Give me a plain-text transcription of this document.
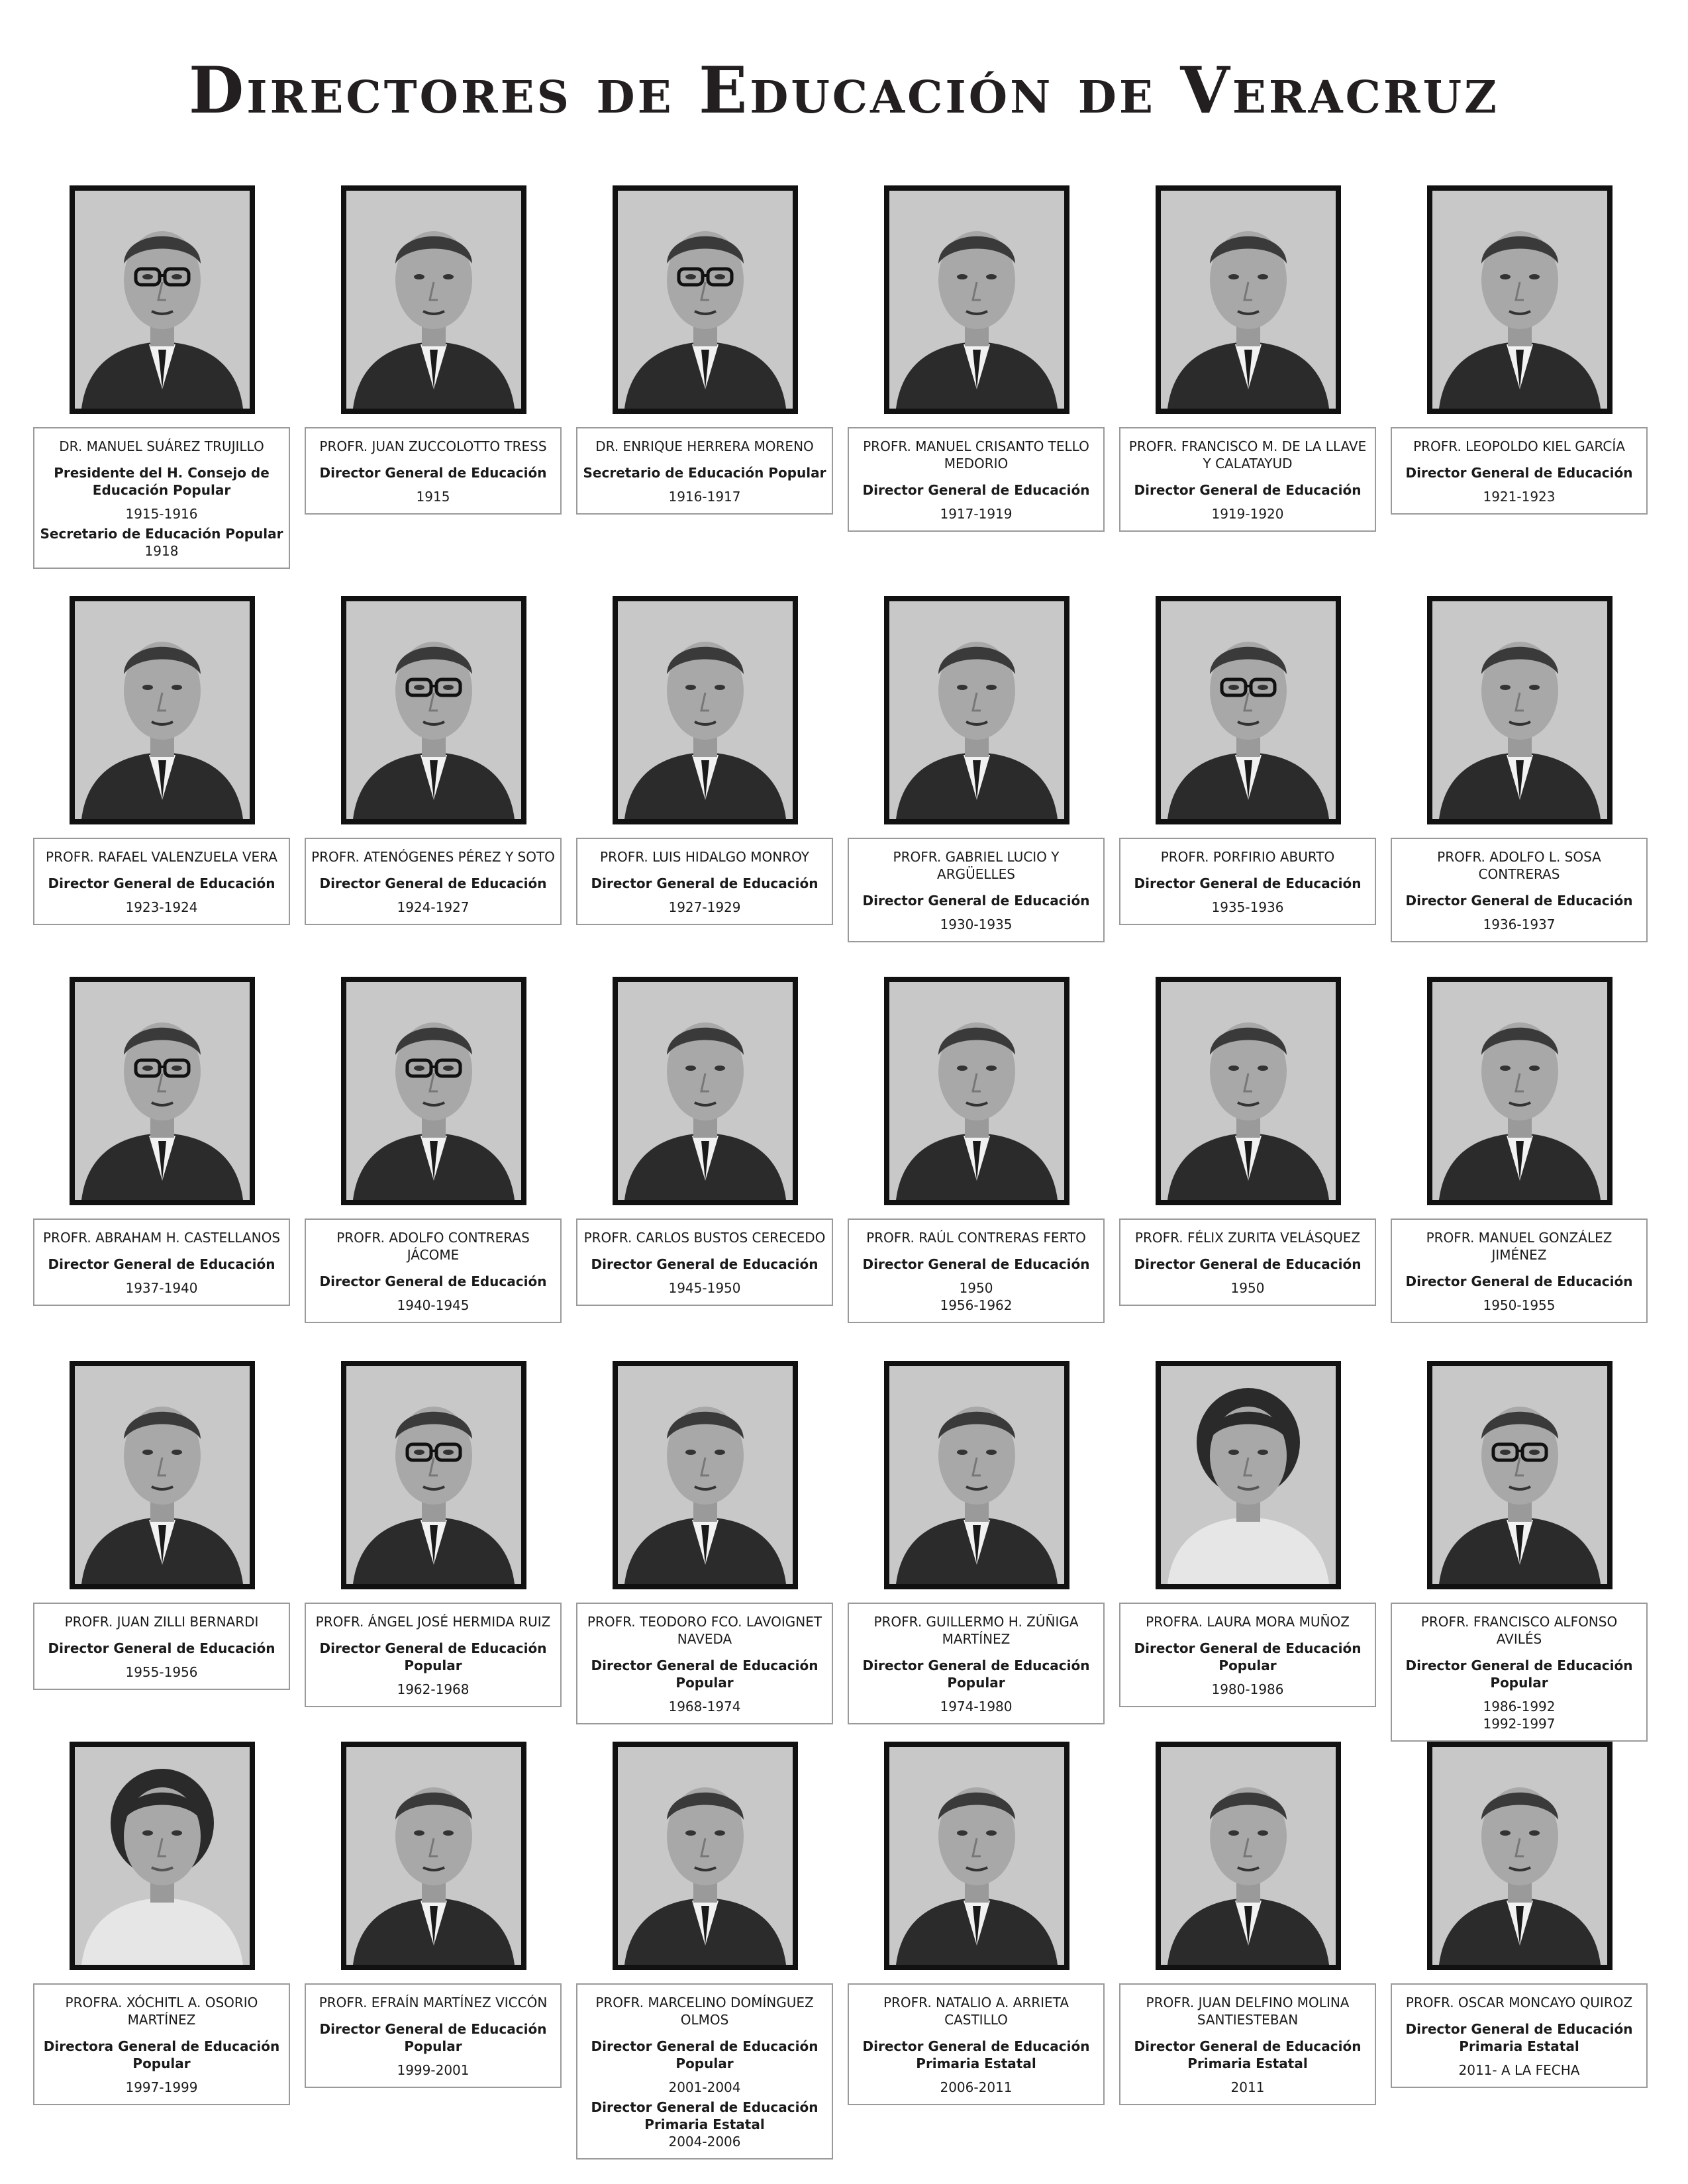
Directores de Educación de Veracruz
DR. MANUEL SUÁREZ TRUJILLO
Presidente del H. Consejo de Educación Popular
1915-1916
Secretario de Educación Popular
1918
PROFR. JUAN ZUCCOLOTTO TRESS
Director General de Educación
1915
DR. ENRIQUE HERRERA MORENO
Secretario de Educación Popular
1916-1917
PROFR. MANUEL CRISANTO TELLO MEDORIO
Director General de Educación
1917-1919
PROFR. FRANCISCO M. DE LA LLAVE Y CALATAYUD
Director General de Educación
1919-1920
PROFR. LEOPOLDO KIEL GARCÍA
Director General de Educación
1921-1923
PROFR. RAFAEL VALENZUELA VERA
Director General de Educación
1923-1924
PROFR. ATENÓGENES PÉREZ Y SOTO
Director General de Educación
1924-1927
PROFR. LUIS HIDALGO MONROY
Director General de Educación
1927-1929
PROFR. GABRIEL LUCIO Y ARGÜELLES
Director General de Educación
1930-1935
PROFR. PORFIRIO ABURTO
Director General de Educación
1935-1936
PROFR. ADOLFO L. SOSA CONTRERAS
Director General de Educación
1936-1937
PROFR. ABRAHAM H. CASTELLANOS
Director General de Educación
1937-1940
PROFR. ADOLFO CONTRERAS JÁCOME
Director General de Educación
1940-1945
PROFR. CARLOS BUSTOS CERECEDO
Director General de Educación
1945-1950
PROFR. RAÚL CONTRERAS FERTO
Director General de Educación
1950
1956-1962
PROFR. FÉLIX ZURITA VELÁSQUEZ
Director General de Educación
1950
PROFR. MANUEL GONZÁLEZ JIMÉNEZ
Director General de Educación
1950-1955
PROFR. JUAN ZILLI BERNARDI
Director General de Educación
1955-1956
PROFR. ÁNGEL JOSÉ HERMIDA RUIZ
Director General de Educación Popular
1962-1968
PROFR. TEODORO FCO. LAVOIGNET NAVEDA
Director General de Educación Popular
1968-1974
PROFR. GUILLERMO H. ZÚÑIGA MARTÍNEZ
Director General de Educación Popular
1974-1980
PROFRA. LAURA MORA MUÑOZ
Director General de Educación Popular
1980-1986
PROFR. FRANCISCO ALFONSO AVILÉS
Director General de Educación Popular
1986-1992
1992-1997
PROFRA. XÓCHITL A. OSORIO MARTÍNEZ
Directora General de Educación Popular
1997-1999
PROFR. EFRAÍN MARTÍNEZ VICCÓN
Director General de Educación Popular
1999-2001
PROFR. MARCELINO DOMÍNGUEZ OLMOS
Director General de Educación Popular
2001-2004
Director General de Educación Primaria Estatal
2004-2006
PROFR. NATALIO A. ARRIETA CASTILLO
Director General de Educación Primaria Estatal
2006-2011
PROFR. JUAN DELFINO MOLINA SANTIESTEBAN
Director General de Educación Primaria Estatal
2011
PROFR. OSCAR MONCAYO QUIROZ
Director General de Educación Primaria Estatal
2011- A LA FECHA
